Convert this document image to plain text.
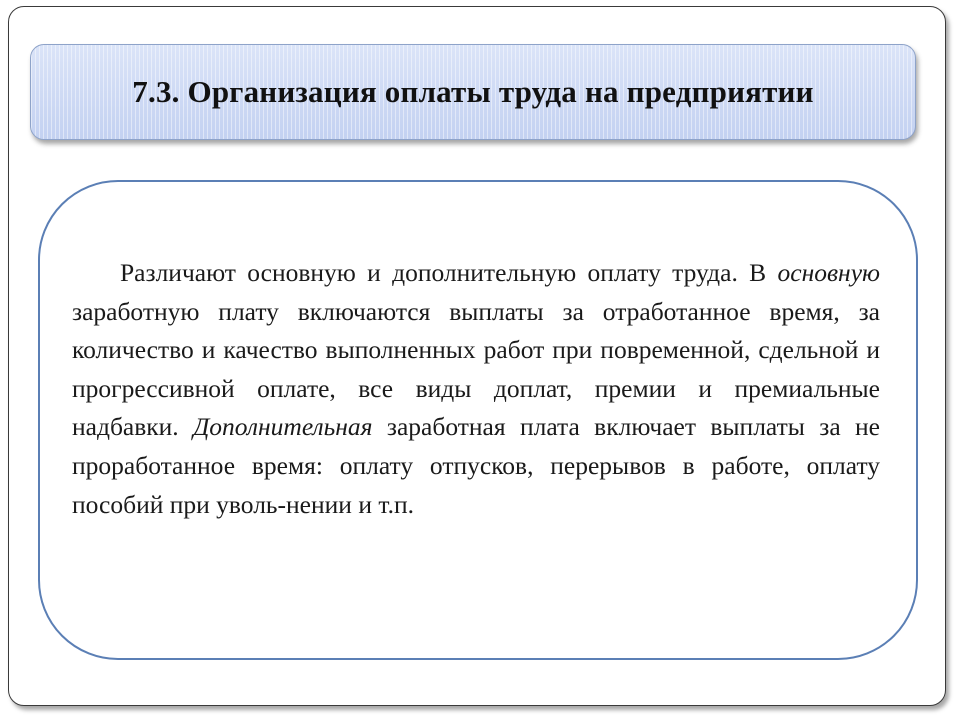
7.3. Организация оплаты труда на предприятии

Различают основную и дополнительную оплату труда. В основную заработную плату включаются выплаты за отработанное время, за количество и качество выполненных работ при повременной, сдельной и прогрессивной оплате, все виды доплат, премии и премиальные надбавки. Дополнительная заработная плата включает выплаты за не проработанное время: оплату отпусков, перерывов в работе, оплату пособий при уволь-нении и т.п.
